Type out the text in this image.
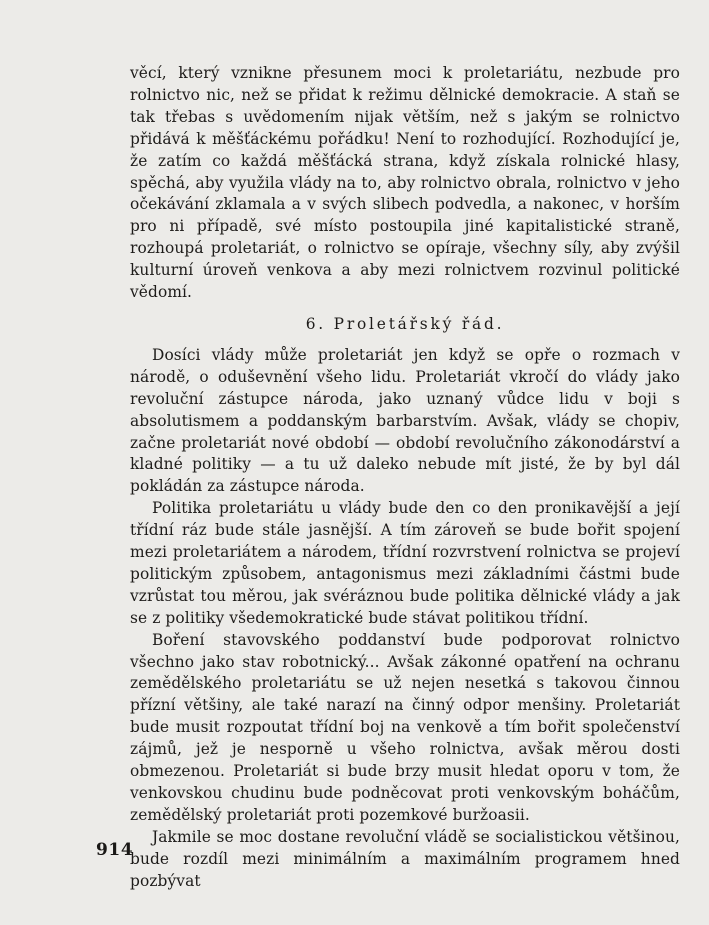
věcí, který vznikne přesunem moci k proletariátu, nezbude pro rolnictvo nic, než se přidat k režimu dělnické demokracie. A staň se tak třebas s uvědomením nijak větším, než s jakým se rolnictvo přidává k měšťáckému pořádku! Není to rozhodující. Rozhodující je, že zatím co každá měšťácká strana, když získala rolnické hlasy, spěchá, aby využila vlády na to, aby rolnictvo obrala, rolnictvo v jeho očekávání zklamala a v svých slibech podvedla, a nakonec, v horším pro ni případě, své místo postoupila jiné kapitalistické straně, rozhoupá proletariát, o rolnictvo se opíraje, všechny síly, aby zvýšil kulturní úroveň venkova a aby mezi rolnictvem rozvinul politické vědomí.

6. Proletářský řád.

Dosíci vlády může proletariát jen když se opře o rozmach v národě, o oduševnění všeho lidu. Proletariát vkročí do vlády jako revoluční zástupce národa, jako uznaný vůdce lidu v boji s absolutismem a poddanským barbarstvím. Avšak, vlády se chopiv, začne proletariát nové období — období revolučního zákonodárství a kladné politiky — a tu už daleko nebude mít jisté, že by byl dál pokládán za zástupce národa.

Politika proletariátu u vlády bude den co den pronikavější a její třídní ráz bude stále jasnější. A tím zároveň se bude bořit spojení mezi proletariátem a národem, třídní rozvrstvení rolnictva se projeví politickým způsobem, antagonismus mezi základními částmi bude vzrůstat tou měrou, jak svéráznou bude politika dělnické vlády a jak se z politiky všedemokratické bude stávat politikou třídní.

Boření stavovského poddanství bude podporovat rolnictvo všechno jako stav robotnický... Avšak zákonné opatření na ochranu zemědělského proletariátu se už nejen nesetká s takovou činnou přízní většiny, ale také narazí na činný odpor menšiny. Proletariát bude musit rozpoutat třídní boj na venkově a tím bořit společenství zájmů, jež je nesporně u všeho rolnictva, avšak měrou dosti obmezenou. Proletariát si bude brzy musit hledat oporu v tom, že venkovskou chudinu bude podněcovat proti venkovským boháčům, zemědělský proletariát proti pozemkové buržoasii.

Jakmile se moc dostane revoluční vládě se socialistickou většinou, bude rozdíl mezi minimálním a maximálním programem hned pozbývat

914
